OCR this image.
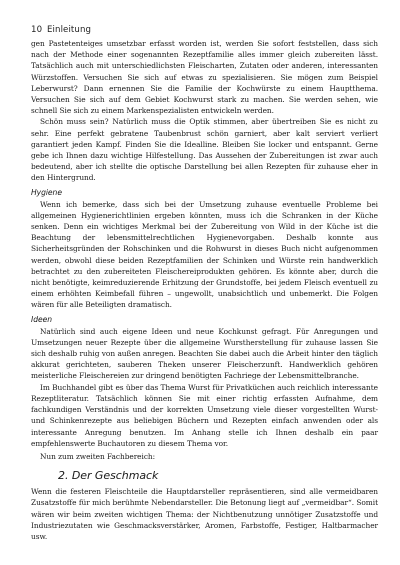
10 Einleitung

gen Pastetenteiges umsetzbar erfasst worden ist, werden Sie sofort feststellen, dass sich nach der Methode einer sogenannten Rezeptfamilie alles immer gleich zubereiten lässt. Tatsächlich auch mit unterschiedlichsten Fleischarten, Zutaten oder anderen, interessanten Würzstoffen. Versuchen Sie sich auf etwas zu spezialisieren. Sie mögen zum Beispiel Leberwurst? Dann ernennen Sie die Familie der Kochwürste zu einem Hauptthema. Versuchen Sie sich auf dem Gebiet Kochwurst stark zu machen. Sie werden sehen, wie schnell Sie sich zu einem Markenspezialisten entwickeln werden.

Schön muss sein? Natürlich muss die Optik stimmen, aber übertreiben Sie es nicht zu sehr. Eine perfekt gebratene Taubenbrust schön garniert, aber kalt serviert verliert garantiert jeden Kampf. Finden Sie die Idealline. Bleiben Sie locker und entspannt. Gerne gebe ich Ihnen dazu wichtige Hilfestellung. Das Aussehen der Zubereitungen ist zwar auch bedeutend, aber ich stellte die optische Darstellung bei allen Rezepten für zuhause eher in den Hintergrund.

Hygiene

Wenn ich bemerke, dass sich bei der Umsetzung zuhause eventuelle Probleme bei allgemeinen Hygienerichtlinien ergeben könnten, muss ich die Schranken in der Küche senken. Denn ein wichtiges Merkmal bei der Zubereitung von Wild in der Küche ist die Beachtung der lebensmittelrechtlichen Hygienevorgaben. Deshalb konnte aus Sicherheitsgründen der Rohschinken und die Rohwurst in dieses Buch nicht aufgenommen werden, obwohl diese beiden Rezeptfamilien der Schinken und Würste rein handwerklich betrachtet zu den zubereiteten Fleischereiprodukten gehören. Es könnte aber, durch die nicht benötigte, keimreduzierende Erhitzung der Grundstoffe, bei jedem Fleisch eventuell zu einem erhöhten Keimbefall führen – ungewollt, unabsichtlich und unbemerkt. Die Folgen wären für alle Beteiligten dramatisch.

Ideen

Natürlich sind auch eigene Ideen und neue Kochkunst gefragt. Für Anregungen und Umsetzungen neuer Rezepte über die allgemeine Wurstherstellung für zuhause lassen Sie sich deshalb ruhig von außen anregen. Beachten Sie dabei auch die Arbeit hinter den täglich akkurat gerichteten, sauberen Theken unserer Fleischerzunft. Handwerklich gehören meisterliche Fleischereien zur dringend benötigten Fachriege der Lebensmittelbranche.

Im Buchhandel gibt es über das Thema Wurst für Privatküchen auch reichlich interessante Rezeptliteratur. Tatsächlich können Sie mit einer richtig erfassten Aufnahme, dem fachkundigen Verständnis und der korrekten Umsetzung viele dieser vorgestellten Wurst- und Schinkenrezepte aus beliebigen Büchern und Rezepten einfach anwenden oder als interessante Anregung benutzen. Im Anhang stelle ich Ihnen deshalb ein paar empfehlenswerte Buchautoren zu diesem Thema vor.

Nun zum zweiten Fachbereich:

2. Der Geschmack

Wenn die festeren Fleischteile die Hauptdarsteller repräsentieren, sind alle vermeidbaren Zusatzstoffe für mich berühmte Nebendarsteller. Die Betonung liegt auf „vermeidbar“. Somit wären wir beim zweiten wichtigen Thema: der Nichtbenutzung unnötiger Zusatzstoffe und Industriezutaten wie Geschmacksverstärker, Aromen, Farbstoffe, Festiger, Haltbarmacher usw.
